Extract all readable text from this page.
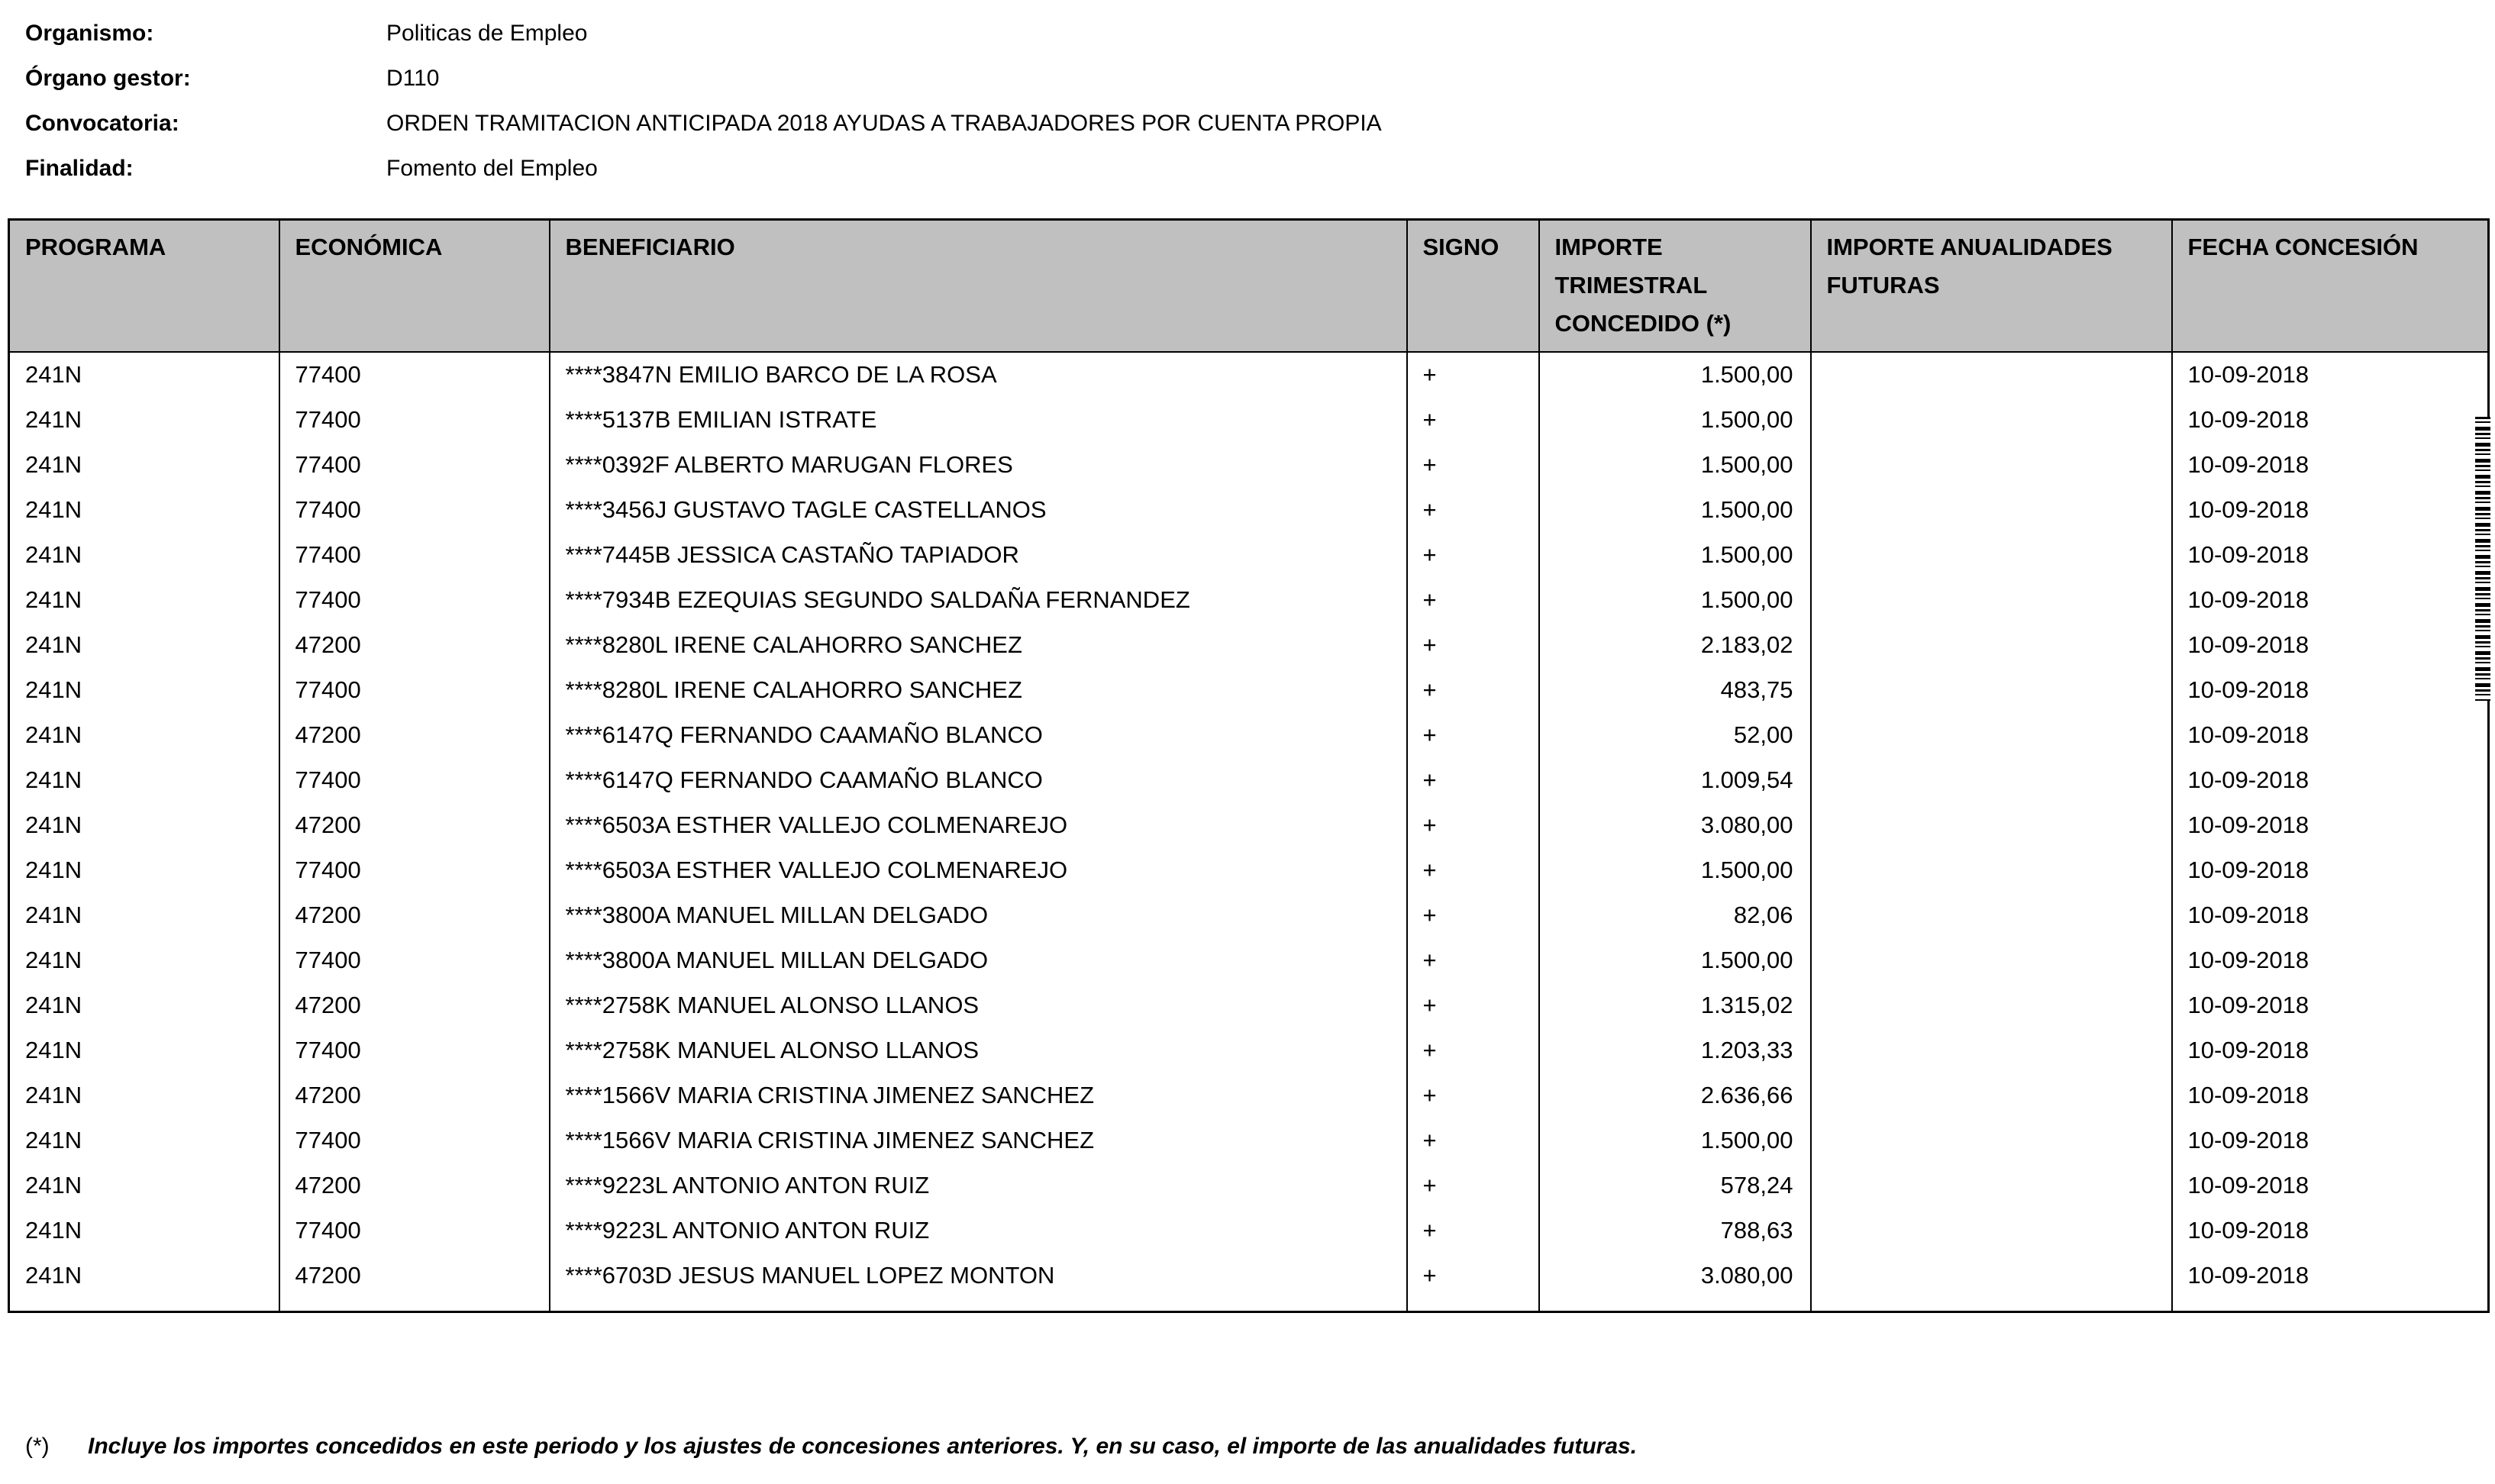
Organismo:	Politicas de Empleo
Órgano gestor:	D110
Convocatoria:	ORDEN TRAMITACION ANTICIPADA 2018 AYUDAS A TRABAJADORES POR CUENTA PROPIA
Finalidad:	Fomento del Empleo
PROGRAMA	ECONÓMICA	BENEFICIARIO	SIGNO	IMPORTE TRIMESTRAL CONCEDIDO (*)	IMPORTE ANUALIDADES FUTURAS	FECHA CONCESIÓN
241N	77400	****3847N EMILIO BARCO DE LA ROSA	+	1.500,00		10-09-2018
241N	77400	****5137B EMILIAN ISTRATE	+	1.500,00		10-09-2018
241N	77400	****0392F ALBERTO MARUGAN FLORES	+	1.500,00		10-09-2018
241N	77400	****3456J GUSTAVO TAGLE CASTELLANOS	+	1.500,00		10-09-2018
241N	77400	****7445B JESSICA CASTAÑO TAPIADOR	+	1.500,00		10-09-2018
241N	77400	****7934B EZEQUIAS SEGUNDO SALDAÑA FERNANDEZ	+	1.500,00		10-09-2018
241N	47200	****8280L IRENE CALAHORRO SANCHEZ	+	2.183,02		10-09-2018
241N	77400	****8280L IRENE CALAHORRO SANCHEZ	+	483,75		10-09-2018
241N	47200	****6147Q FERNANDO CAAMAÑO BLANCO	+	52,00		10-09-2018
241N	77400	****6147Q FERNANDO CAAMAÑO BLANCO	+	1.009,54		10-09-2018
241N	47200	****6503A ESTHER VALLEJO COLMENAREJO	+	3.080,00		10-09-2018
241N	77400	****6503A ESTHER VALLEJO COLMENAREJO	+	1.500,00		10-09-2018
241N	47200	****3800A MANUEL MILLAN DELGADO	+	82,06		10-09-2018
241N	77400	****3800A MANUEL MILLAN DELGADO	+	1.500,00		10-09-2018
241N	47200	****2758K MANUEL ALONSO LLANOS	+	1.315,02		10-09-2018
241N	77400	****2758K MANUEL ALONSO LLANOS	+	1.203,33		10-09-2018
241N	47200	****1566V MARIA CRISTINA JIMENEZ SANCHEZ	+	2.636,66		10-09-2018
241N	77400	****1566V MARIA CRISTINA JIMENEZ SANCHEZ	+	1.500,00		10-09-2018
241N	47200	****9223L ANTONIO ANTON RUIZ	+	578,24		10-09-2018
241N	77400	****9223L ANTONIO ANTON RUIZ	+	788,63		10-09-2018
241N	47200	****6703D JESUS MANUEL LOPEZ MONTON	+	3.080,00		10-09-2018

(*) Incluye los importes concedidos en este periodo y los ajustes de concesiones anteriores. Y, en su caso, el importe de las anualidades futuras.
